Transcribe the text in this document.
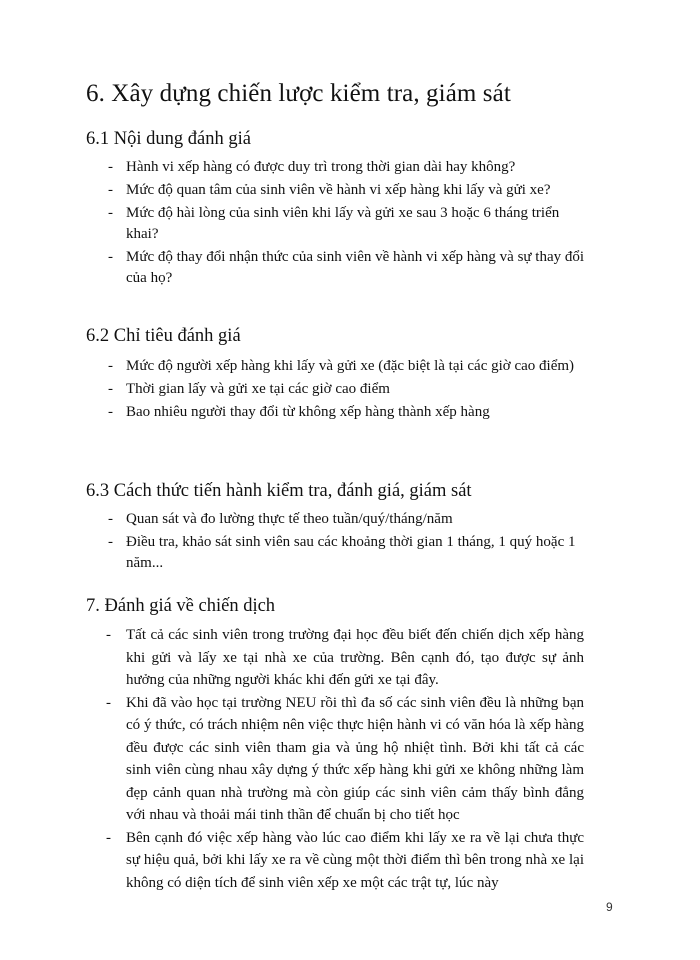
6. Xây dựng chiến lược kiểm tra, giám sát
6.1 Nội dung đánh giá
- Hành vi xếp hàng có được duy trì trong thời gian dài hay không?
- Mức độ quan tâm của sinh viên về hành vi xếp hàng khi lấy và gửi xe?
- Mức độ hài lòng của sinh viên khi lấy và gửi xe sau 3 hoặc 6 tháng triển khai?
- Mức độ thay đổi nhận thức của sinh viên về hành vi xếp hàng và sự thay đổi của họ?
6.2 Chỉ tiêu đánh giá
- Mức độ người xếp hàng khi lấy và gửi xe (đặc biệt là tại các giờ cao điểm)
- Thời gian lấy và gửi xe tại các giờ cao điểm
- Bao nhiêu người thay đổi từ không xếp hàng thành xếp hàng
6.3 Cách thức tiến hành kiểm tra, đánh giá, giám sát
- Quan sát và đo lường thực tế theo tuần/quý/tháng/năm
- Điều tra, khảo sát sinh viên sau các khoảng thời gian 1 tháng, 1 quý hoặc 1 năm...
7. Đánh giá về chiến dịch
- Tất cả các sinh viên trong trường đại học đều biết đến chiến dịch xếp hàng khi gửi và lấy xe tại nhà xe của trường. Bên cạnh đó, tạo được sự ảnh hưởng của những người khác khi đến gửi xe tại đây.
- Khi đã vào học tại trường NEU rồi thì đa số các sinh viên đều là những bạn có ý thức, có trách nhiệm nên việc thực hiện hành vi có văn hóa là xếp hàng đều được các sinh viên tham gia và ủng hộ nhiệt tình. Bởi khi tất cả các sinh viên cùng nhau xây dựng ý thức xếp hàng khi gửi xe không những làm đẹp cảnh quan nhà trường mà còn giúp các sinh viên cảm thấy bình đẳng với nhau và thoải mái tinh thần để chuẩn bị cho tiết học
- Bên cạnh đó việc xếp hàng vào lúc cao điểm khi lấy xe ra về lại chưa thực sự hiệu quả, bởi khi lấy xe ra về cùng một thời điểm thì bên trong nhà xe lại không có diện tích để sinh viên xếp xe một các trật tự, lúc này
9
